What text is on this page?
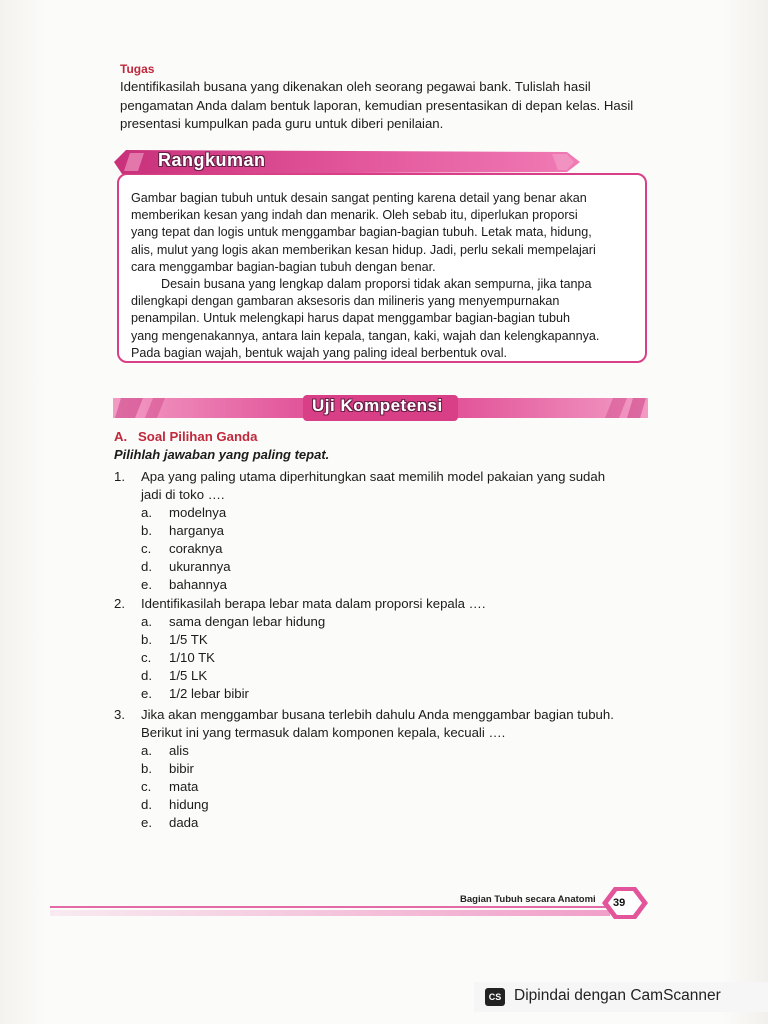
Tugas
Identifikasilah busana yang dikenakan oleh seorang pegawai bank. Tulislah hasil
pengamatan Anda dalam bentuk laporan, kemudian presentasikan di depan kelas. Hasil
presentasi kumpulkan pada guru untuk diberi penilaian.
Rangkuman
Gambar bagian tubuh untuk desain sangat penting karena detail yang benar akan
memberikan kesan yang indah dan menarik. Oleh sebab itu, diperlukan proporsi
yang tepat dan logis untuk menggambar bagian-bagian tubuh. Letak mata, hidung,
alis, mulut yang logis akan memberikan kesan hidup. Jadi, perlu sekali mempelajari
cara menggambar bagian-bagian tubuh dengan benar.
Desain busana yang lengkap dalam proporsi tidak akan sempurna, jika tanpa
dilengkapi dengan gambaran aksesoris dan milineris yang menyempurnakan
penampilan. Untuk melengkapi harus dapat menggambar bagian-bagian tubuh
yang mengenakannya, antara lain kepala, tangan, kaki, wajah dan kelengkapannya.
Pada bagian wajah, bentuk wajah yang paling ideal berbentuk oval.
Uji Kompetensi
A. Soal Pilihan Ganda
Pilihlah jawaban yang paling tepat.
1. Apa yang paling utama diperhitungkan saat memilih model pakaian yang sudah
jadi di toko ….
a. modelnya
b. harganya
c. coraknya
d. ukurannya
e. bahannya
2. Identifikasilah berapa lebar mata dalam proporsi kepala ….
a. sama dengan lebar hidung
b. 1/5 TK
c. 1/10 TK
d. 1/5 LK
e. 1/2 lebar bibir
3. Jika akan menggambar busana terlebih dahulu Anda menggambar bagian tubuh.
Berikut ini yang termasuk dalam komponen kepala, kecuali ….
a. alis
b. bibir
c. mata
d. hidung
e. dada
Bagian Tubuh secara Anatomi 39
CS Dipindai dengan CamScanner
